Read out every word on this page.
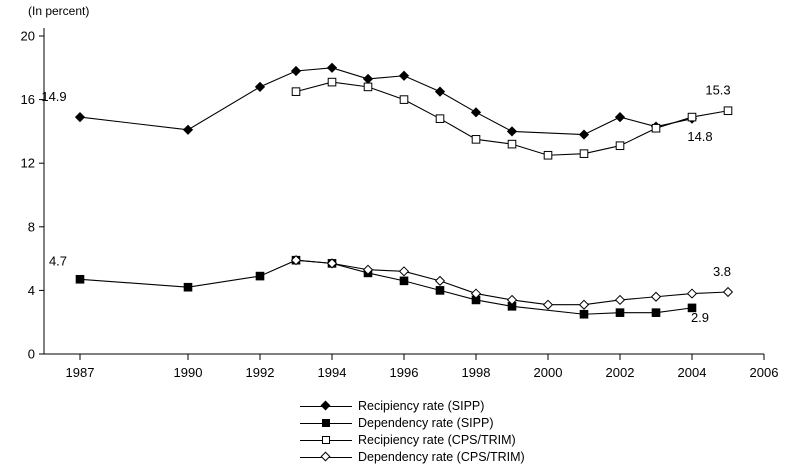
(In percent)
0
4
8
12
16
20
1987	1990	1992	1994	1996	1998	2000	2002	2004	2006
14.9
4.7
15.3
14.8
3.8
2.9
Recipiency rate (SIPP)
Dependency rate (SIPP)
Recipiency rate (CPS/TRIM)
Dependency rate (CPS/TRIM)
